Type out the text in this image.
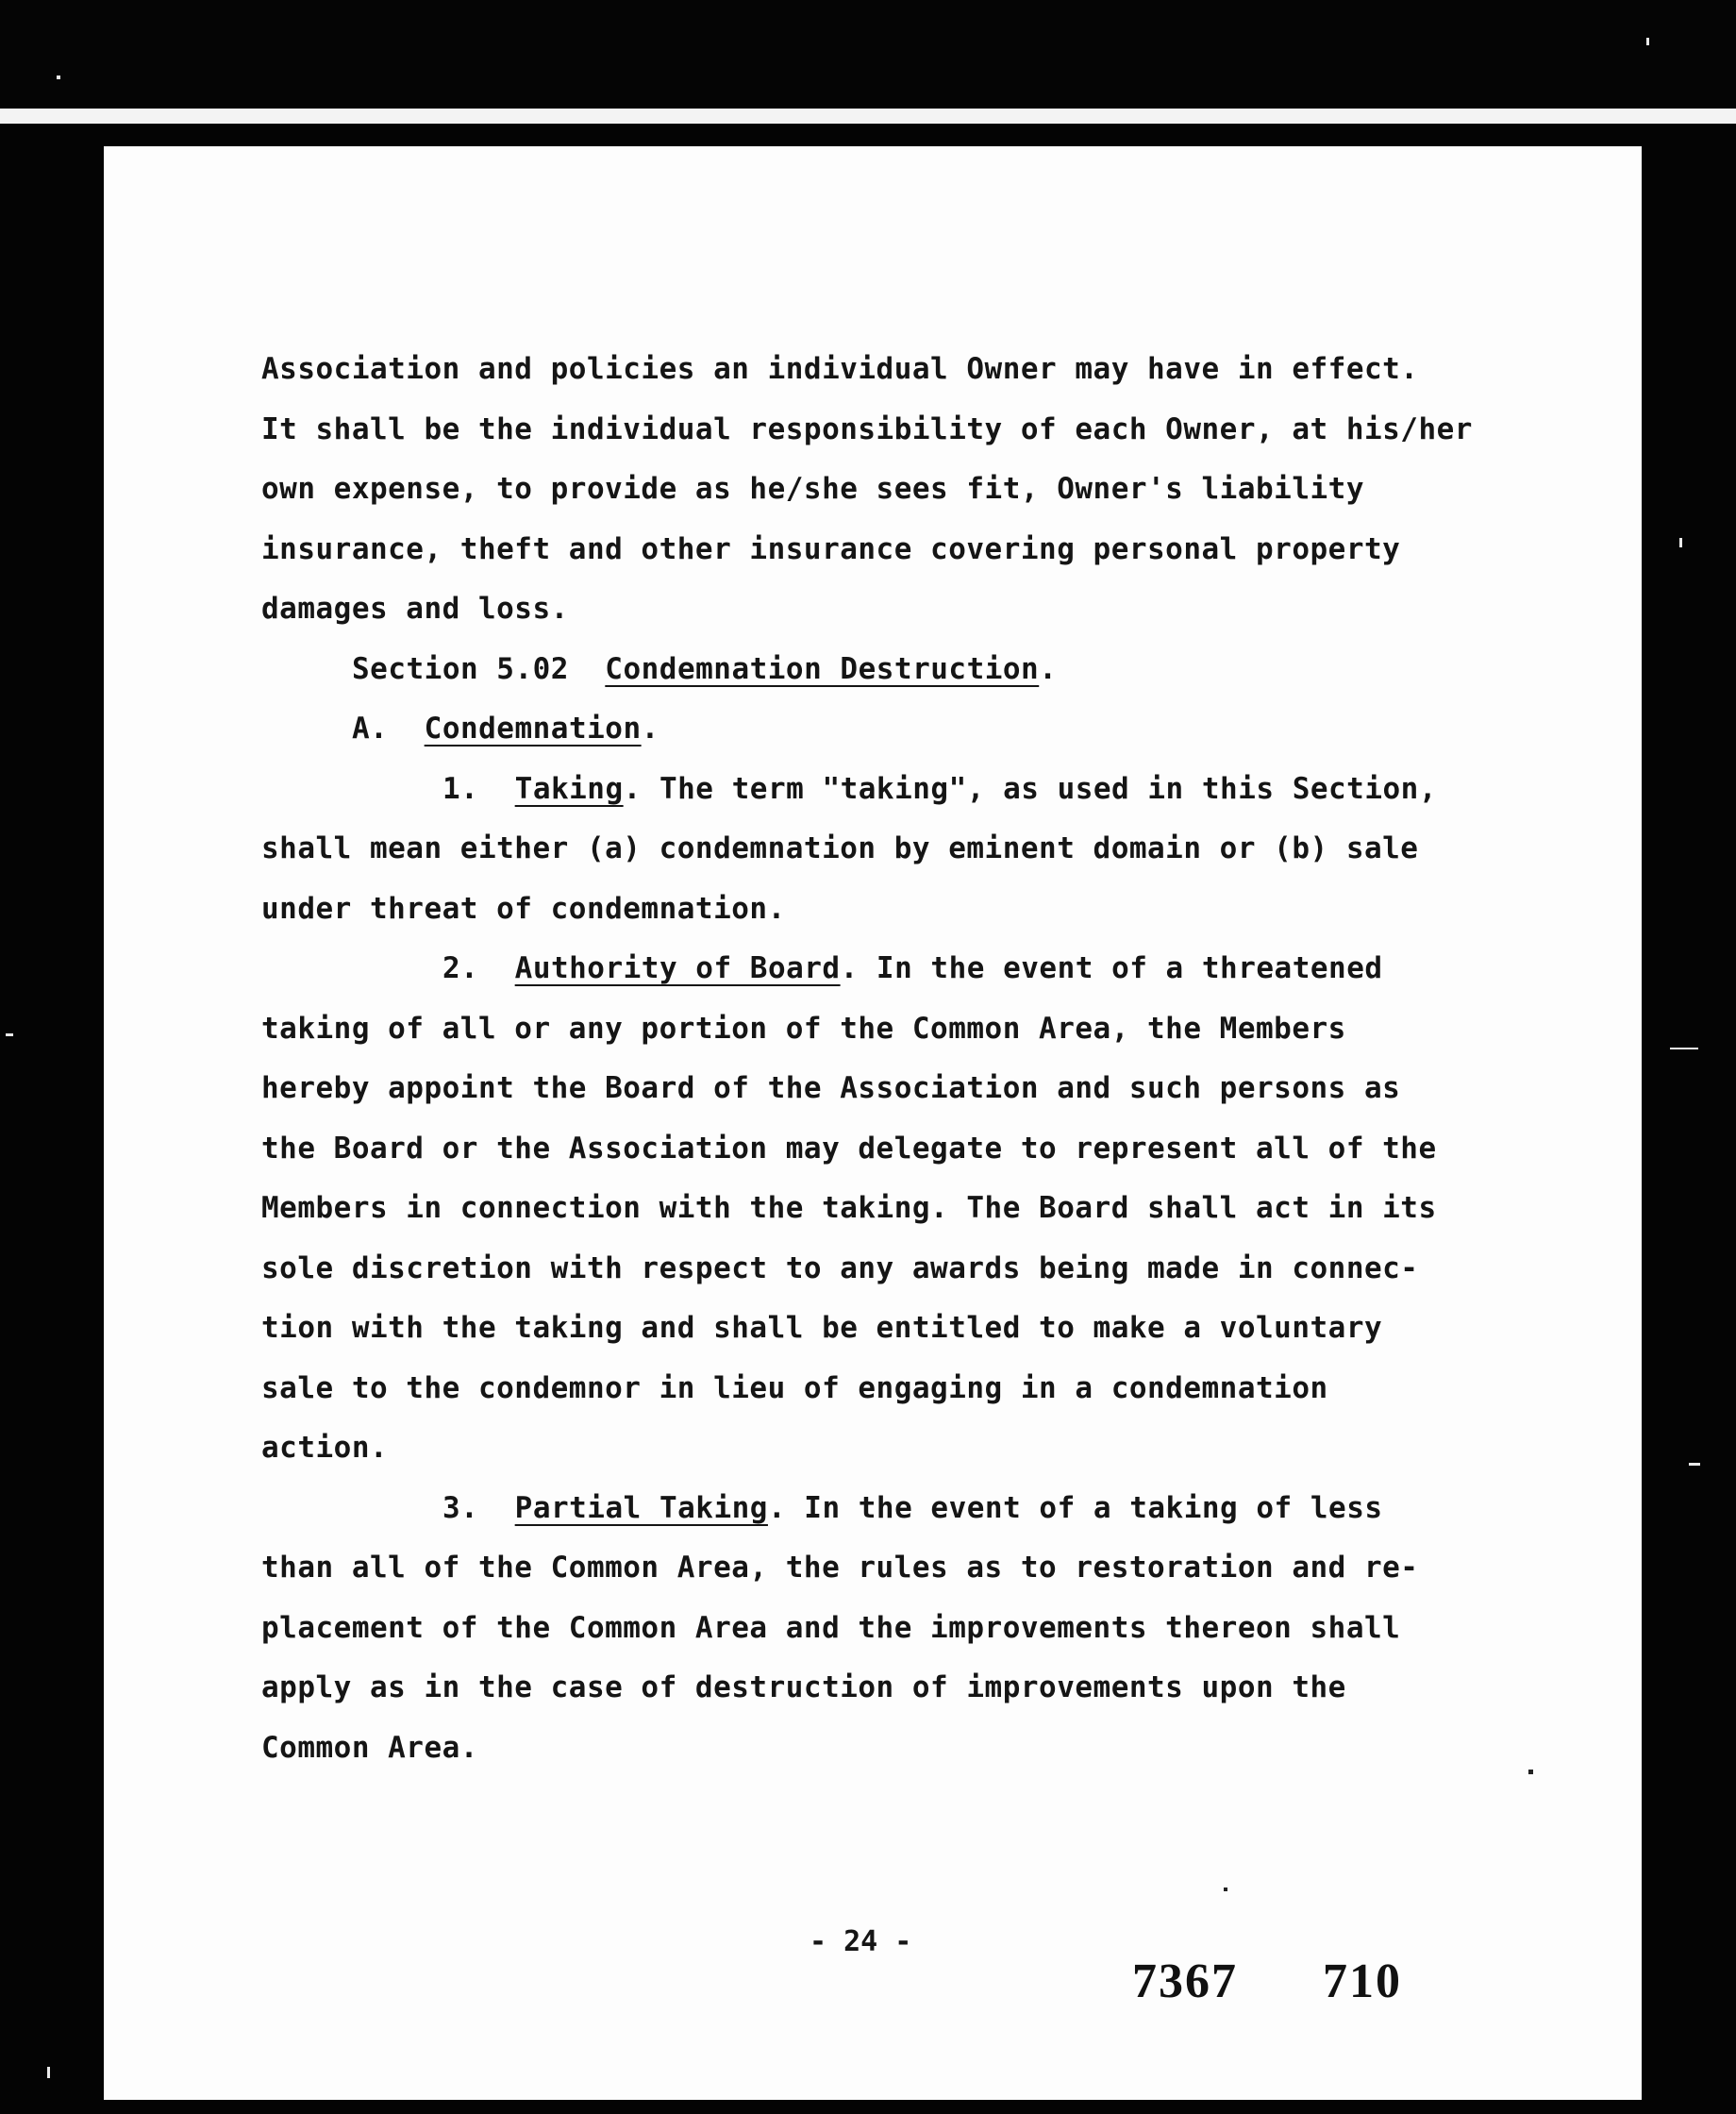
Association and policies an individual Owner may have in effect.
It shall be the individual responsibility of each Owner, at his/her
own expense, to provide as he/she sees fit, Owner's liability
insurance, theft and other insurance covering personal property
damages and loss.
Section 5.02 Condemnation Destruction.
A. Condemnation.
1. Taking. The term "taking", as used in this Section,
shall mean either (a) condemnation by eminent domain or (b) sale
under threat of condemnation.
2. Authority of Board. In the event of a threatened
taking of all or any portion of the Common Area, the Members
hereby appoint the Board of the Association and such persons as
the Board or the Association may delegate to represent all of the
Members in connection with the taking. The Board shall act in its
sole discretion with respect to any awards being made in connec-
tion with the taking and shall be entitled to make a voluntary
sale to the condemnor in lieu of engaging in a condemnation
action.
3. Partial Taking. In the event of a taking of less
than all of the Common Area, the rules as to restoration and re-
placement of the Common Area and the improvements thereon shall
apply as in the case of destruction of improvements upon the
Common Area.
- 24 -
7367 710
